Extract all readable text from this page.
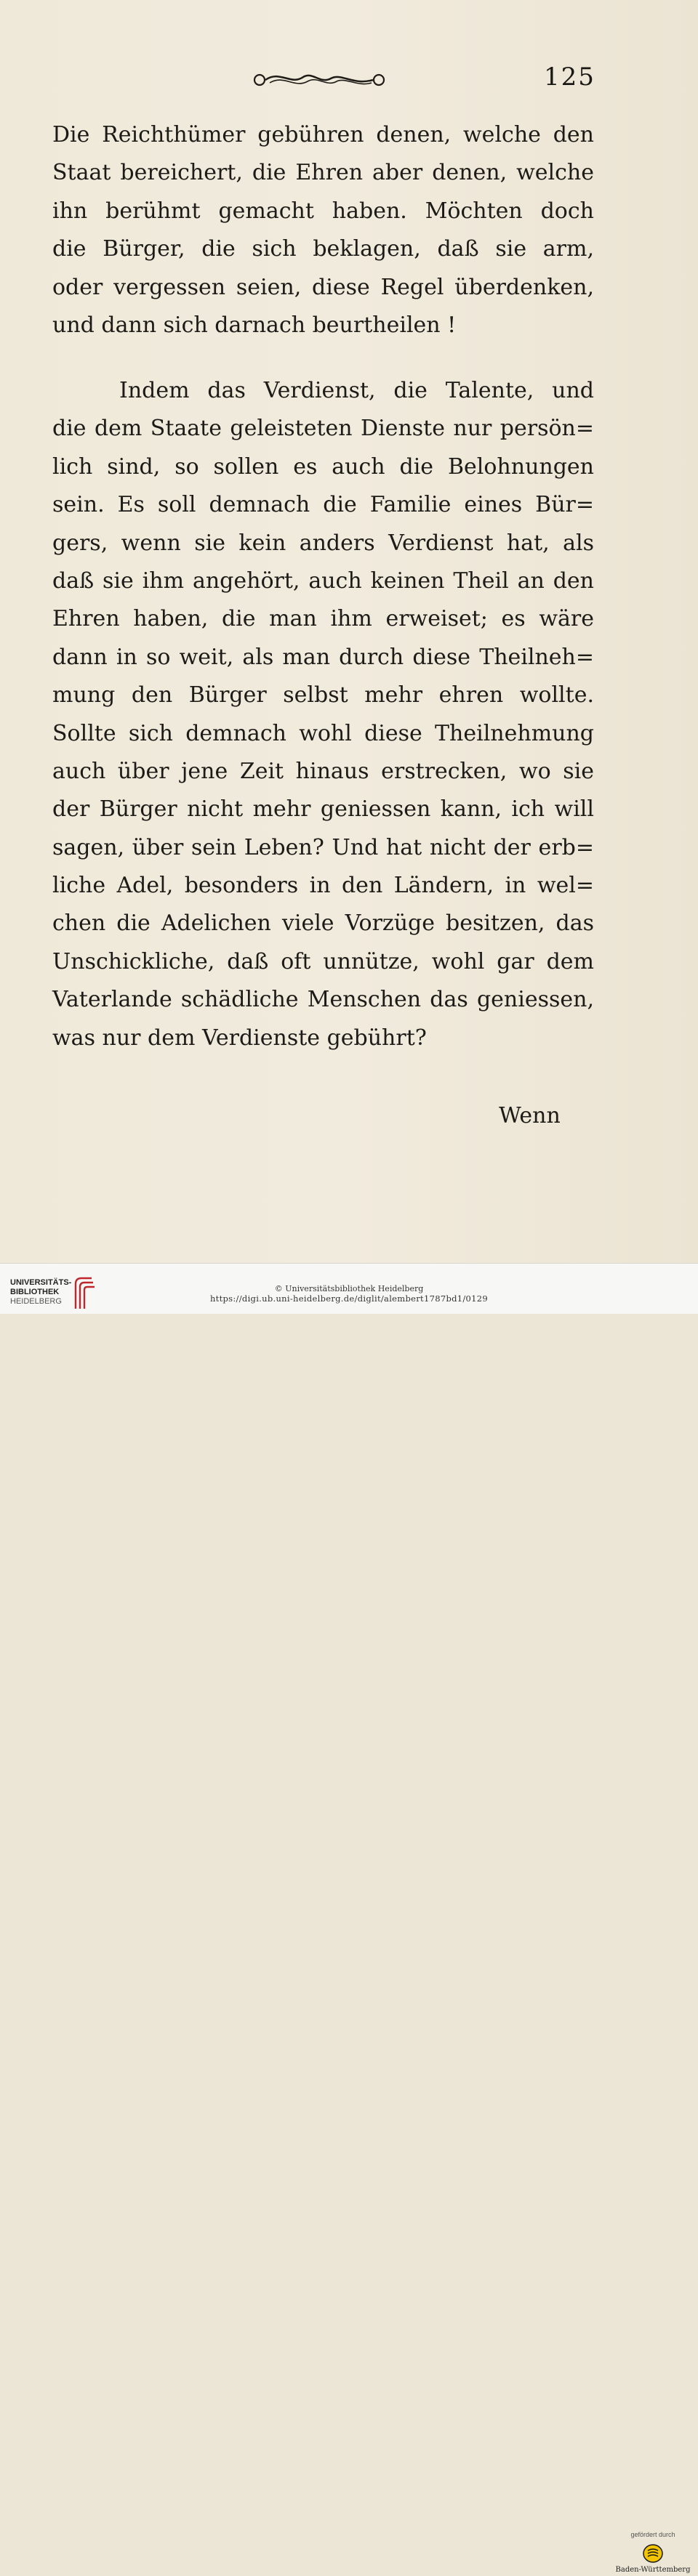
125
Die Reichthümer gebühren denen, welche den
Staat bereichert, die Ehren aber denen, welche
ihn berühmt gemacht haben. Möchten doch
die Bürger, die sich beklagen, daß sie arm,
oder vergessen seien, diese Regel überdenken,
und dann sich darnach beurtheilen !
Indem das Verdienst, die Talente, und
die dem Staate geleisteten Dienste nur persön=
lich sind, so sollen es auch die Belohnungen
sein. Es soll demnach die Familie eines Bür=
gers, wenn sie kein anders Verdienst hat, als
daß sie ihm angehört, auch keinen Theil an den
Ehren haben, die man ihm erweiset; es wäre
dann in so weit, als man durch diese Theilneh=
mung den Bürger selbst mehr ehren wollte.
Sollte sich demnach wohl diese Theilnehmung
auch über jene Zeit hinaus erstrecken, wo sie
der Bürger nicht mehr geniessen kann, ich will
sagen, über sein Leben? Und hat nicht der erb=
liche Adel, besonders in den Ländern, in wel=
chen die Adelichen viele Vorzüge besitzen, das
Unschickliche, daß oft unnütze, wohl gar dem
Vaterlande schädliche Menschen das geniessen,
was nur dem Verdienste gebührt?
Wenn
UNIVERSITÄTS-
BIBLIOTHEK
HEIDELBERG
gefördert durch
Baden-Württemberg
© Universitätsbibliothek Heidelberg
https://digi.ub.uni-heidelberg.de/diglit/alembert1787bd1/0129
